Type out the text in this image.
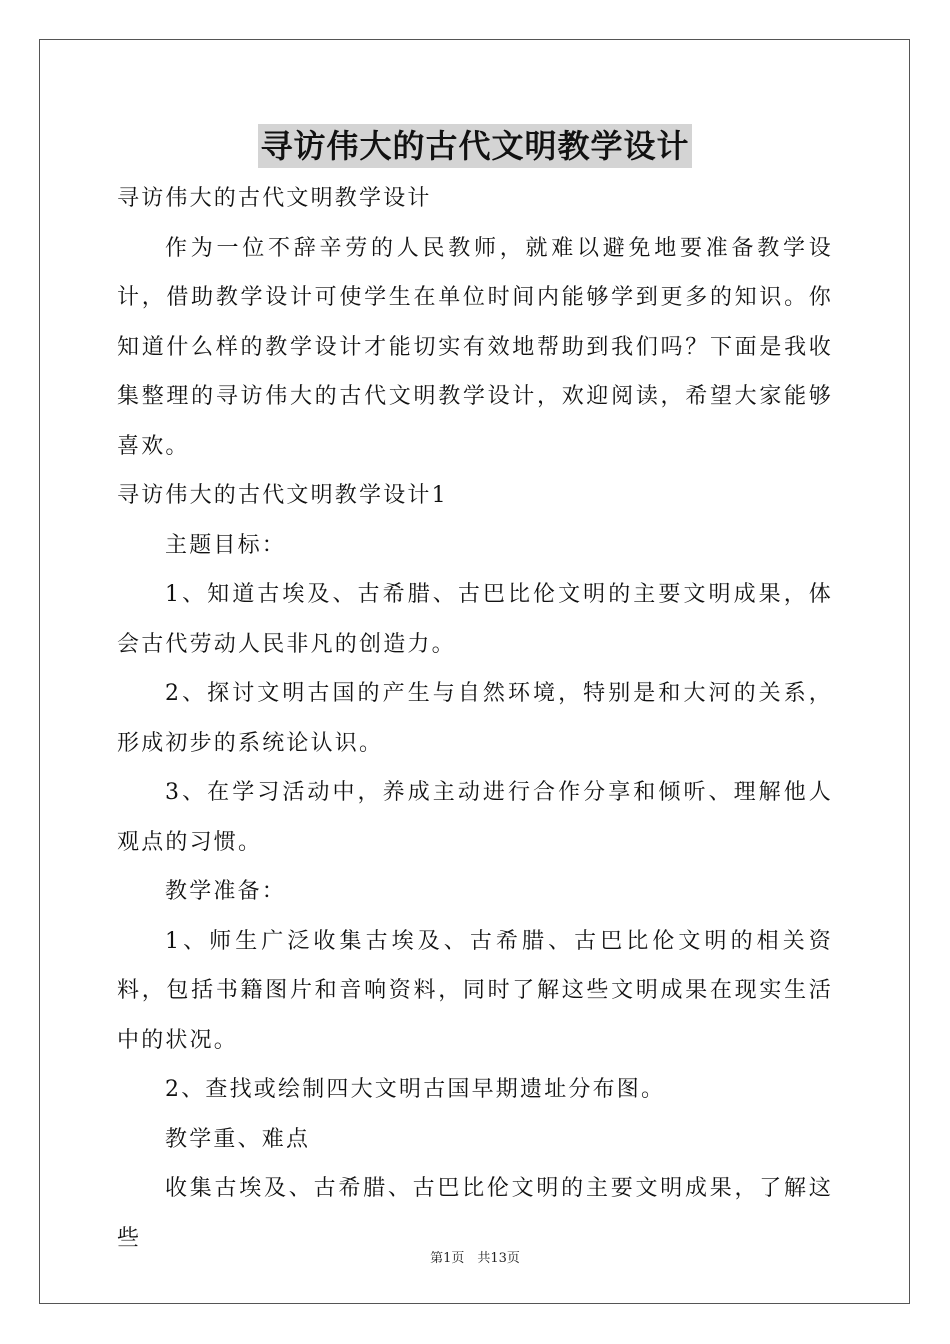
寻访伟大的古代文明教学设计

寻访伟大的古代文明教学设计

作为一位不辞辛劳的人民教师，就难以避免地要准备教学设计，借助教学设计可使学生在单位时间内能够学到更多的知识。你知道什么样的教学设计才能切实有效地帮助到我们吗？下面是我收集整理的寻访伟大的古代文明教学设计，欢迎阅读，希望大家能够喜欢。

寻访伟大的古代文明教学设计1

主题目标：

1、知道古埃及、古希腊、古巴比伦文明的主要文明成果，体会古代劳动人民非凡的创造力。

2、探讨文明古国的产生与自然环境，特别是和大河的关系，形成初步的系统论认识。

3、在学习活动中，养成主动进行合作分享和倾听、理解他人观点的习惯。

教学准备：

1、师生广泛收集古埃及、古希腊、古巴比伦文明的相关资料，包括书籍图片和音响资料，同时了解这些文明成果在现实生活中的状况。

2、查找或绘制四大文明古国早期遗址分布图。

教学重、难点

收集古埃及、古希腊、古巴比伦文明的主要文明成果，了解这些

第1页　共13页
